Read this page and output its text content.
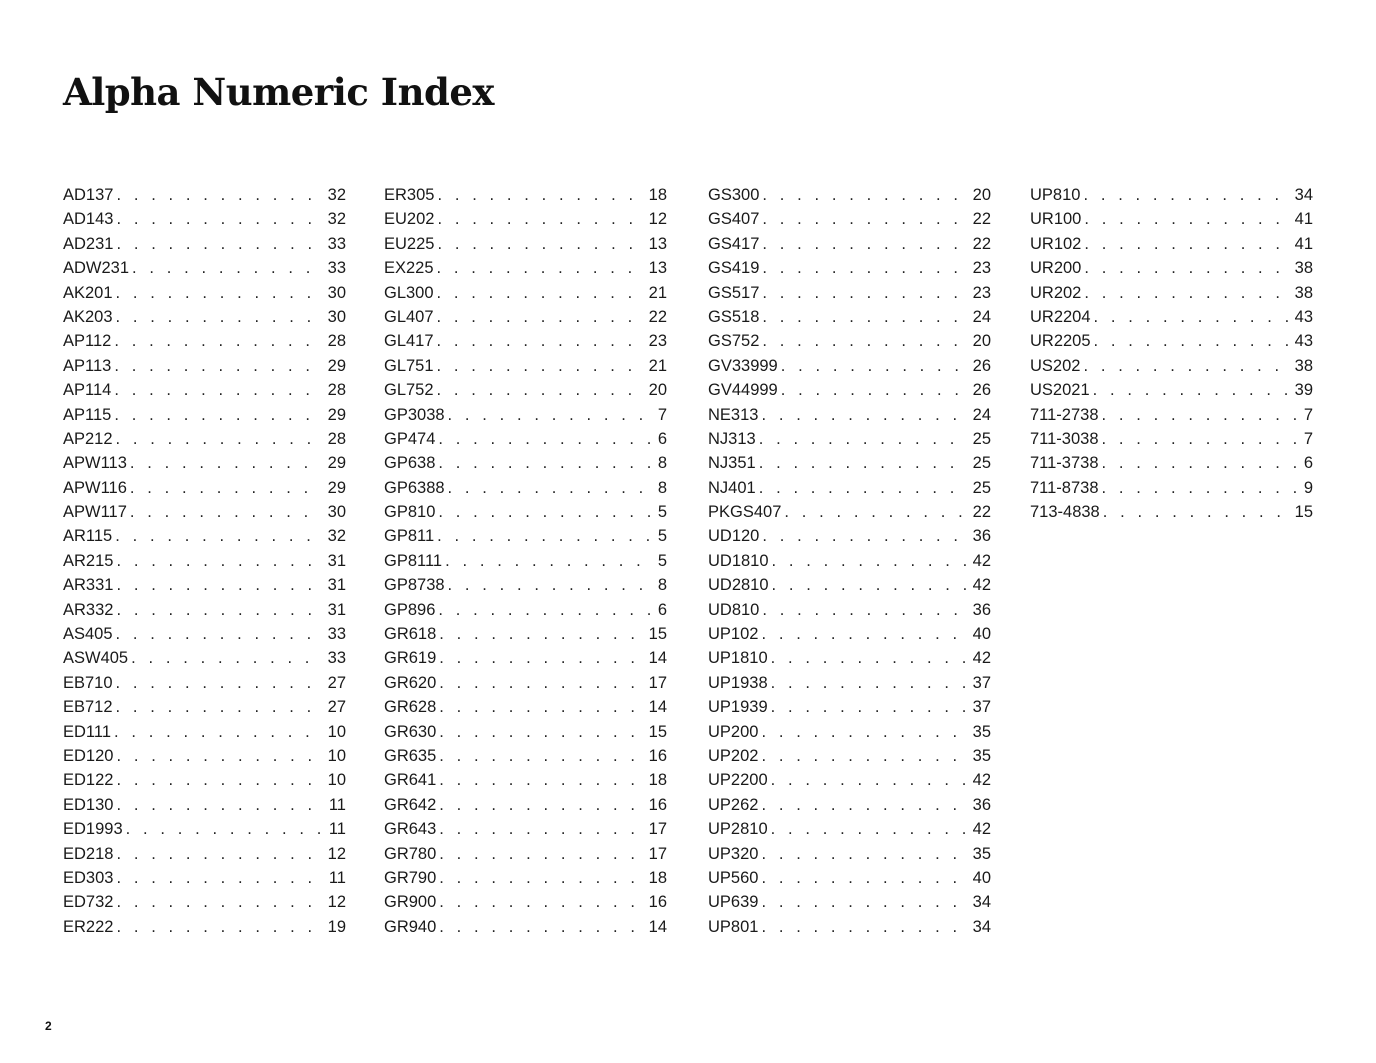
Alpha Numeric Index
AD137 . . .	32
AD143 . . .	32
AD231 . . .	33
ADW231 . . .	33
AK201 . . .	30
AK203 . . .	30
AP112 . . .	28
AP113 . . .	29
AP114 . . .	28
AP115 . . .	29
AP212 . . .	28
APW113 . . .	29
APW116 . . .	29
APW117 . . .	30
AR115 . . .	32
AR215 . . .	31
AR331 . . .	31
AR332 . . .	31
AS405 . . .	33
ASW405 . . .	33
EB710 . . .	27
EB712 . . .	27
ED111 . . .	10
ED120 . . .	10
ED122 . . .	10
ED130 . . .	11
ED1993 . . .	11
ED218 . . .	12
ED303 . . .	11
ED732 . . .	12
ER222 . . .	19
ER305 . . .	18
EU202 . . .	12
EU225 . . .	13
EX225 . . .	13
GL300 . . .	21
GL407 . . .	22
GL417 . . .	23
GL751 . . .	21
GL752 . . .	20
GP3038 . . .	7
GP474 . . .	6
GP638 . . .	8
GP6388 . . .	8
GP810 . . .	5
GP811 . . .	5
GP8111 . . .	5
GP8738 . . .	8
GP896 . . .	6
GR618 . . .	15
GR619 . . .	14
GR620 . . .	17
GR628 . . .	14
GR630 . . .	15
GR635 . . .	16
GR641 . . .	18
GR642 . . .	16
GR643 . . .	17
GR780 . . .	17
GR790 . . .	18
GR900 . . .	16
GR940 . . .	14
GS300 . . .	20
GS407 . . .	22
GS417 . . .	22
GS419 . . .	23
GS517 . . .	23
GS518 . . .	24
GS752 . . .	20
GV33999 . . .	26
GV44999 . . .	26
NE313 . . .	24
NJ313 . . .	25
NJ351 . . .	25
NJ401 . . .	25
PKGS407 . . .	22
UD120 . . .	36
UD1810 . . .	42
UD2810 . . .	42
UD810 . . .	36
UP102 . . .	40
UP1810 . . .	42
UP1938 . . .	37
UP1939 . . .	37
UP200 . . .	35
UP202 . . .	35
UP2200 . . .	42
UP262 . . .	36
UP2810 . . .	42
UP320 . . .	35
UP560 . . .	40
UP639 . . .	34
UP801 . . .	34
UP810 . . .	34
UR100 . . .	41
UR102 . . .	41
UR200 . . .	38
UR202 . . .	38
UR2204 . . .	43
UR2205 . . .	43
US202 . . .	38
US2021 . . .	39
711-2738 . . .	7
711-3038 . . .	7
711-3738 . . .	6
711-8738 . . .	9
713-4838 . . .	15
2
